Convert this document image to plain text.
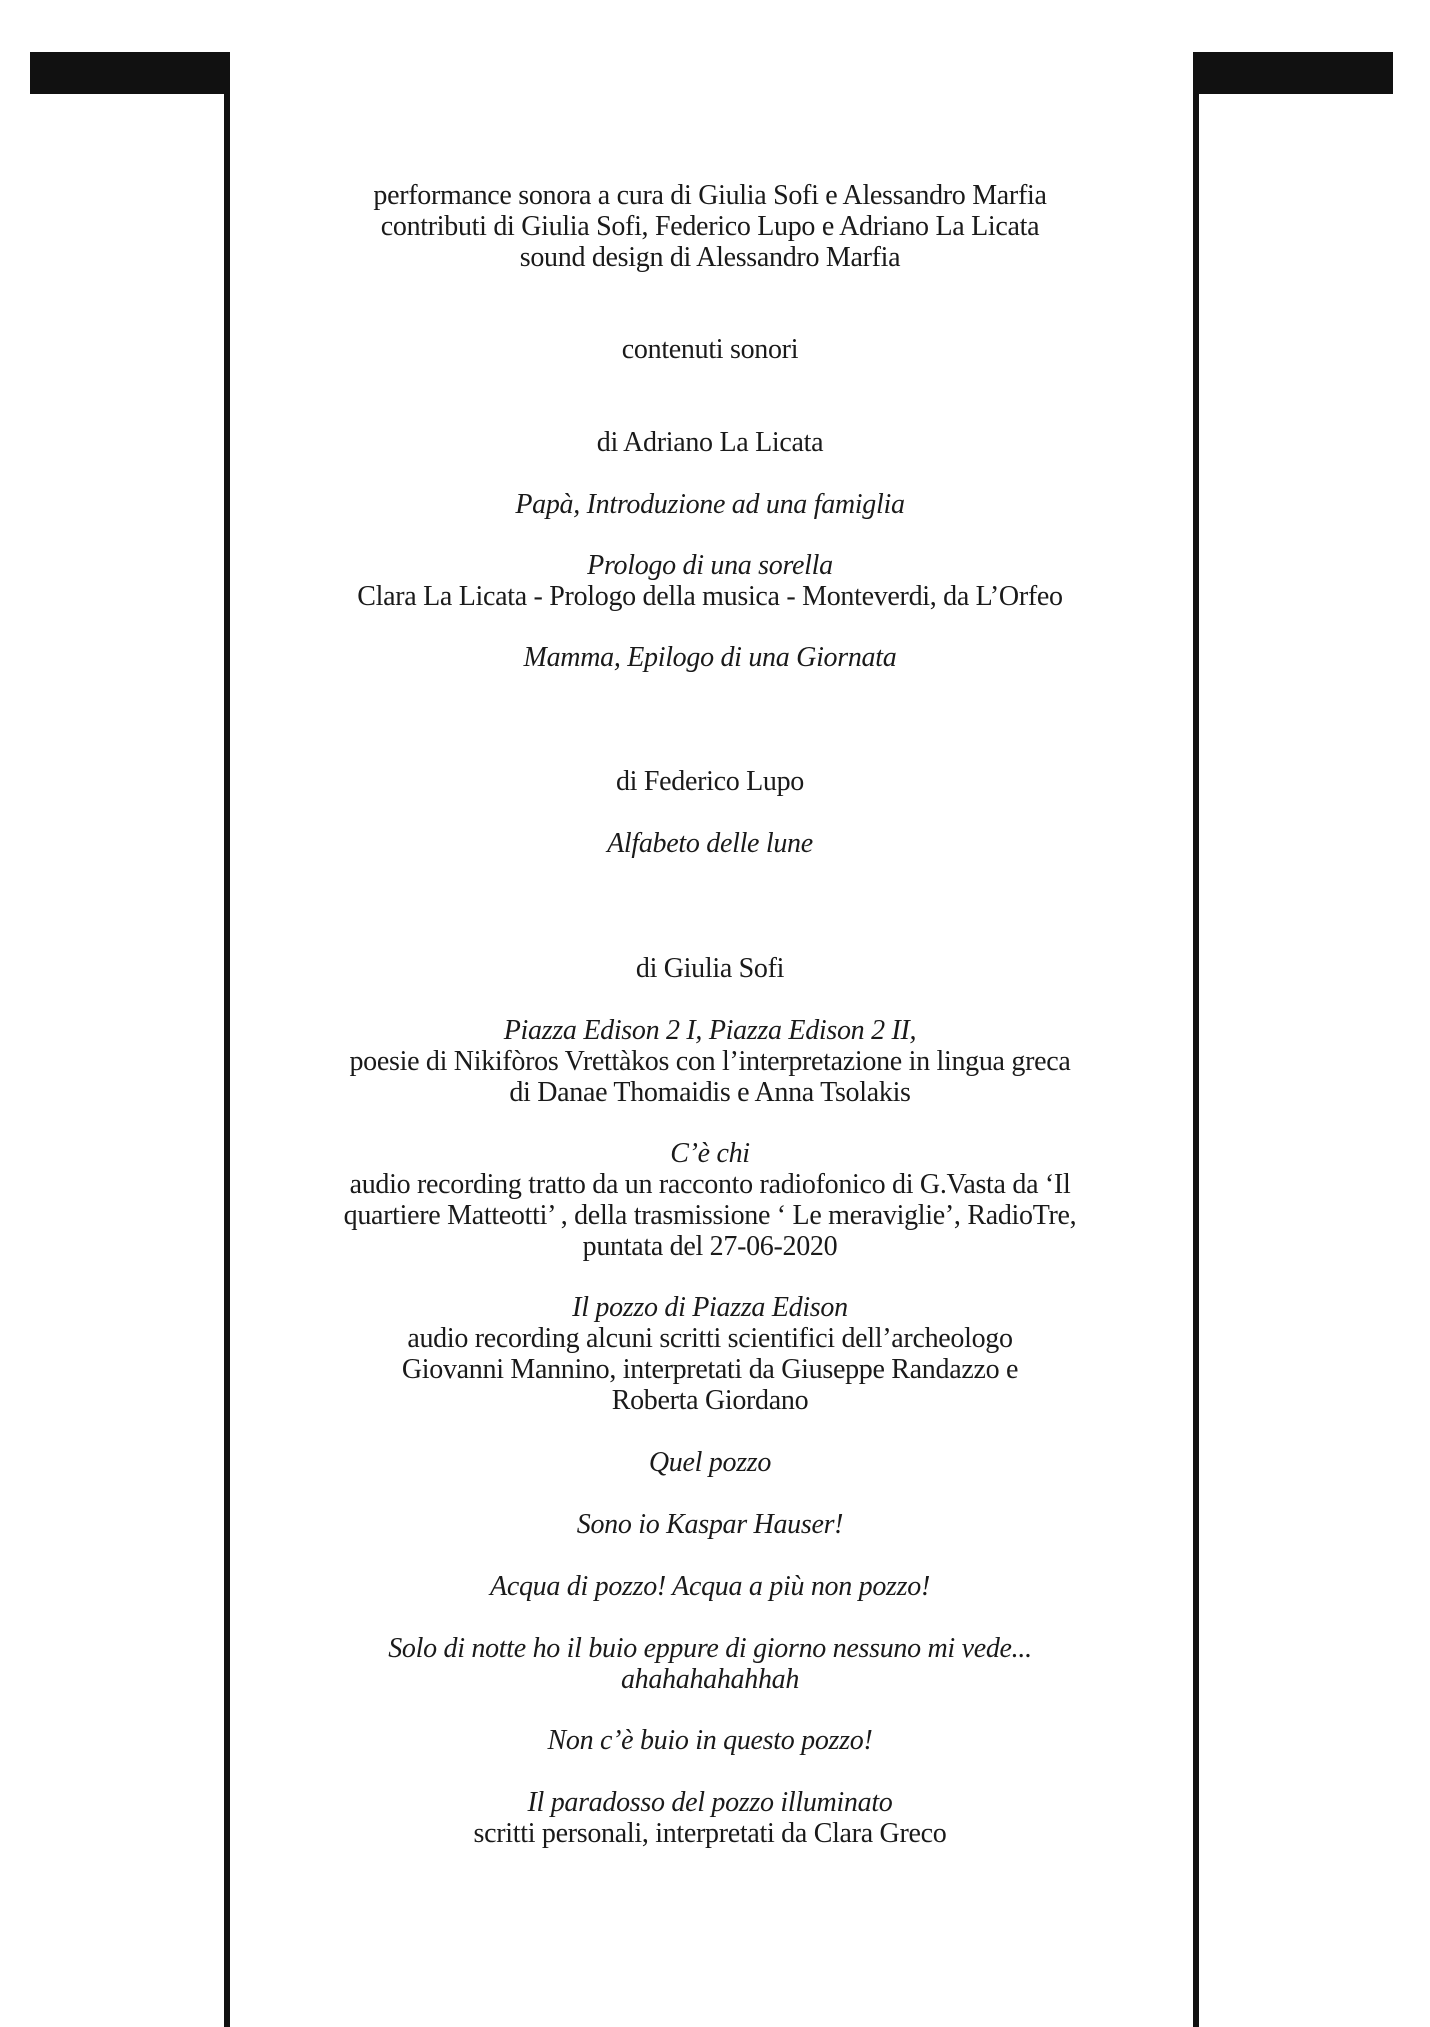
performance sonora a cura di Giulia Sofi e Alessandro Marfia
contributi di Giulia Sofi, Federico Lupo e Adriano La Licata
sound design di Alessandro Marfia
contenuti sonori
di Adriano La Licata
Papà, Introduzione ad una famiglia
Prologo di una sorella
Clara La Licata - Prologo della musica - Monteverdi, da L’Orfeo
Mamma, Epilogo di una Giornata
di Federico Lupo
Alfabeto delle lune
di Giulia Sofi
Piazza Edison 2 I, Piazza Edison 2 II,
poesie di Nikifòros Vrettàkos con l’interpretazione in lingua greca
di Danae Thomaidis e Anna Tsolakis
C’è chi
audio recording tratto da un racconto radiofonico di G.Vasta da ‘Il
quartiere Matteotti’ , della trasmissione ‘ Le meraviglie’, RadioTre,
puntata del 27-06-2020
Il pozzo di Piazza Edison
audio recording alcuni scritti scientifici dell’archeologo
Giovanni Mannino, interpretati da Giuseppe Randazzo e
Roberta Giordano
Quel pozzo
Sono io Kaspar Hauser!
Acqua di pozzo! Acqua a più non pozzo!
Solo di notte ho il buio eppure di giorno nessuno mi vede...
ahahahahahhah
Non c’è buio in questo pozzo!
Il paradosso del pozzo illuminato
scritti personali, interpretati da Clara Greco
